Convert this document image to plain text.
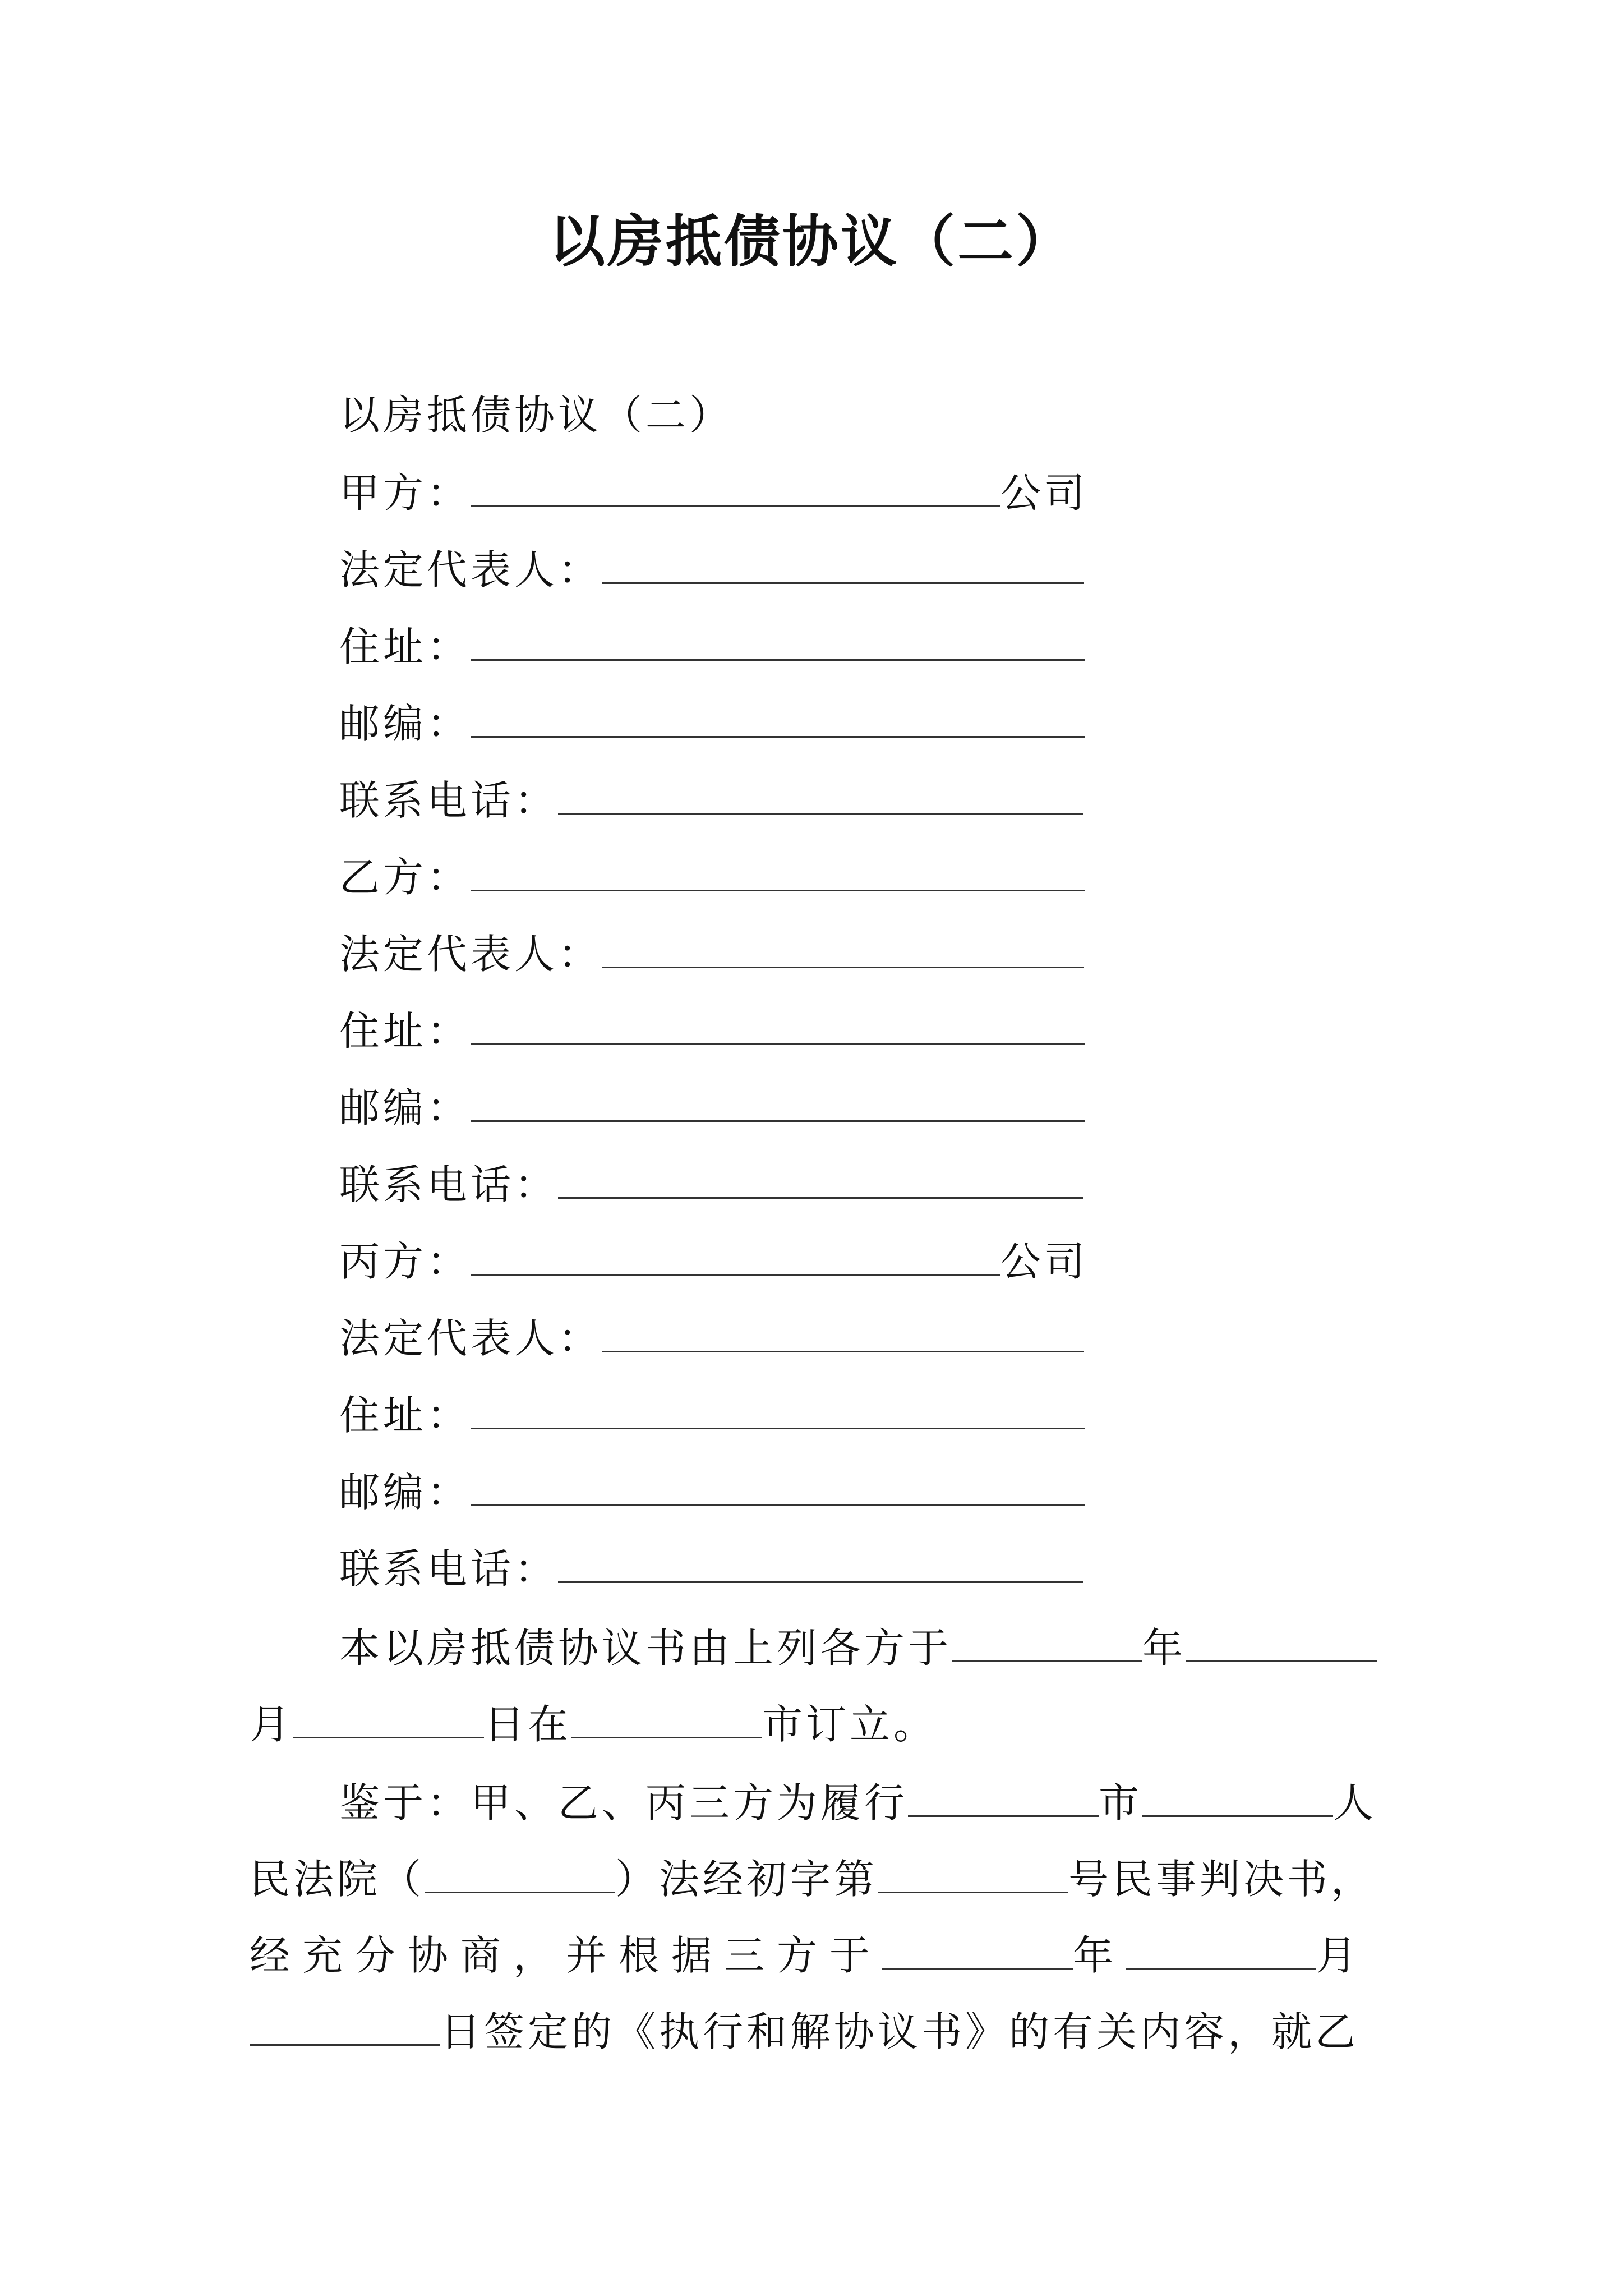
以房抵债协议（二）
以房抵债协议（二）
甲方：	公司
法定代表人：
住址：
邮编：
联系电话：
乙方：
法定代表人：
住址：
邮编：
联系电话：
丙方：	公司
法定代表人：
住址：
邮编：
联系电话：
本以房抵债协议书由上列各方于	年
月	日在	市订立。
鉴于：甲、乙、丙三方为履行	市	人
民法院（	）法经初字第	号民事判决书，
经充分协商，并根据三方于	年	月
日签定的《执行和解协议书》的有关内容，就乙
